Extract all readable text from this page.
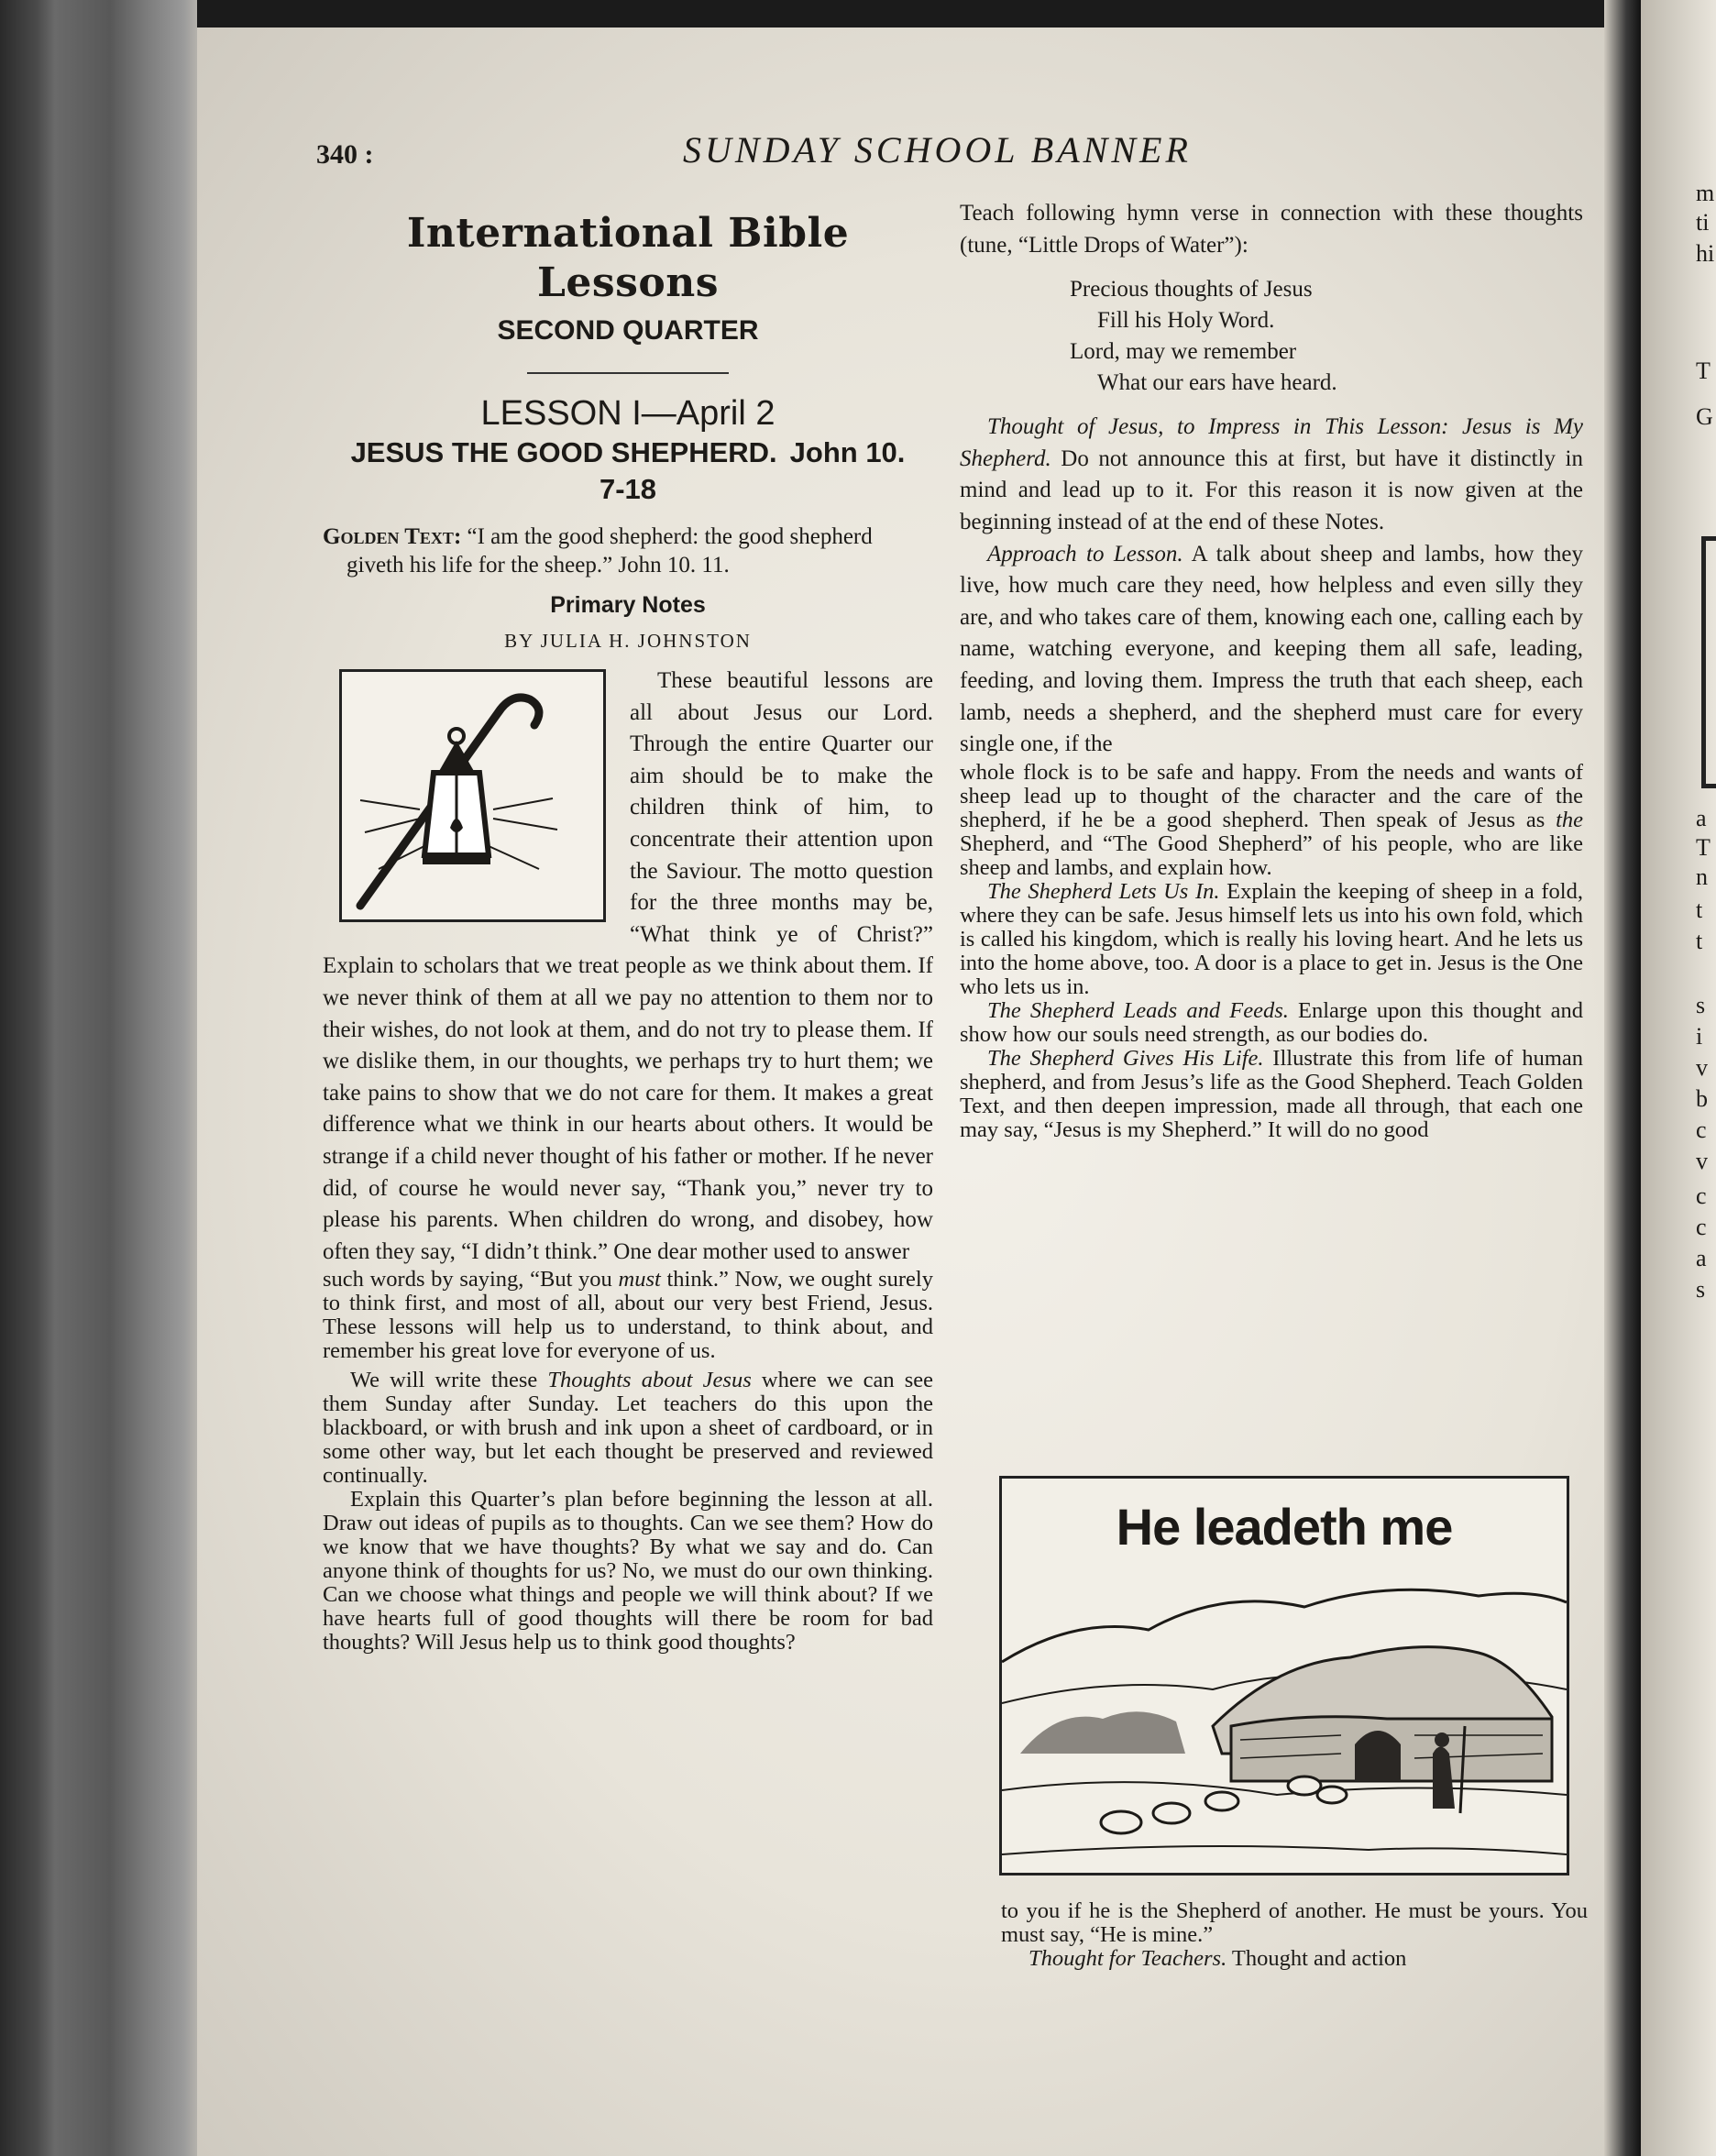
m
ti
hi
T
G
a
T
n
t
t
s
i
v
b
c
v
c
c
a
s
340 :	SUNDAY SCHOOL BANNER
International Bible Lessons
SECOND QUARTER
LESSON I—April 2
JESUS THE GOOD SHEPHERD. John 10.
7-18
Golden Text: “I am the good shepherd: the good shepherd giveth his life for the sheep.” John 10. 11.
Primary Notes
BY JULIA H. JOHNSTON

These beautiful lessons are all about Jesus our Lord. Through the entire Quarter our aim should be to make the children think of him, to concentrate their attention upon the Saviour. The motto question for the three months may be, “What think ye of Christ?” Explain to scholars that we treat people as we think about them. If we never think of them at all we pay no attention to them nor to their wishes, do not look at them, and do not try to please them. If we dislike them, in our thoughts, we perhaps try to hurt them; we take pains to show that we do not care for them. It makes a great difference what we think in our hearts about others. It would be strange if a child never thought of his father or mother. If he never did, of course he would never say, “Thank you,” never try to please his parents. When children do wrong, and disobey, how often they say, “I didn’t think.” One dear mother used to answer

such words by saying, “But you must think.” Now, we ought surely to think first, and most of all, about our very best Friend, Jesus. These lessons will help us to understand, to think about, and remember his great love for everyone of us.

We will write these Thoughts about Jesus where we can see them Sunday after Sunday. Let teachers do this upon the blackboard, or with brush and ink upon a sheet of cardboard, or in some other way, but let each thought be preserved and reviewed continually.

Explain this Quarter’s plan before beginning the lesson at all. Draw out ideas of pupils as to thoughts. Can we see them? How do we know that we have thoughts? By what we say and do. Can anyone think of thoughts for us? No, we must do our own thinking. Can we choose what things and people we will think about? If we have hearts full of good thoughts will there be room for bad thoughts? Will Jesus help us to think good thoughts?

Teach following hymn verse in connection with these thoughts (tune, “Little Drops of Water”):

Precious thoughts of Jesus
Fill his Holy Word.
Lord, may we remember
What our ears have heard.

Thought of Jesus, to Impress in This Lesson: Jesus is My Shepherd. Do not announce this at first, but have it distinctly in mind and lead up to it. For this reason it is now given at the beginning instead of at the end of these Notes.

Approach to Lesson. A talk about sheep and lambs, how they live, how much care they need, how helpless and even silly they are, and who takes care of them, knowing each one, calling each by name, watching everyone, and keeping them all safe, leading, feeding, and loving them. Impress the truth that each sheep, each lamb, needs a shepherd, and the shepherd must care for every single one, if the

whole flock is to be safe and happy. From the needs and wants of sheep lead up to thought of the character and the care of the shepherd, if he be a good shepherd. Then speak of Jesus as the Shepherd, and “The Good Shepherd” of his people, who are like sheep and lambs, and explain how.

The Shepherd Lets Us In. Explain the keeping of sheep in a fold, where they can be safe. Jesus himself lets us into his own fold, which is called his kingdom, which is really his loving heart. And he lets us into the home above, too. A door is a place to get in. Jesus is the One who lets us in.

The Shepherd Leads and Feeds. Enlarge upon this thought and show how our souls need strength, as our bodies do.

The Shepherd Gives His Life. Illustrate this from life of human shepherd, and from Jesus’s life as the Good Shepherd. Teach Golden Text, and then deepen impression, made all through, that each one may say, “Jesus is my Shepherd.” It will do no good

He leadeth me

to you if he is the Shepherd of another. He must be yours. You must say, “He is mine.”

Thought for Teachers. Thought and action
